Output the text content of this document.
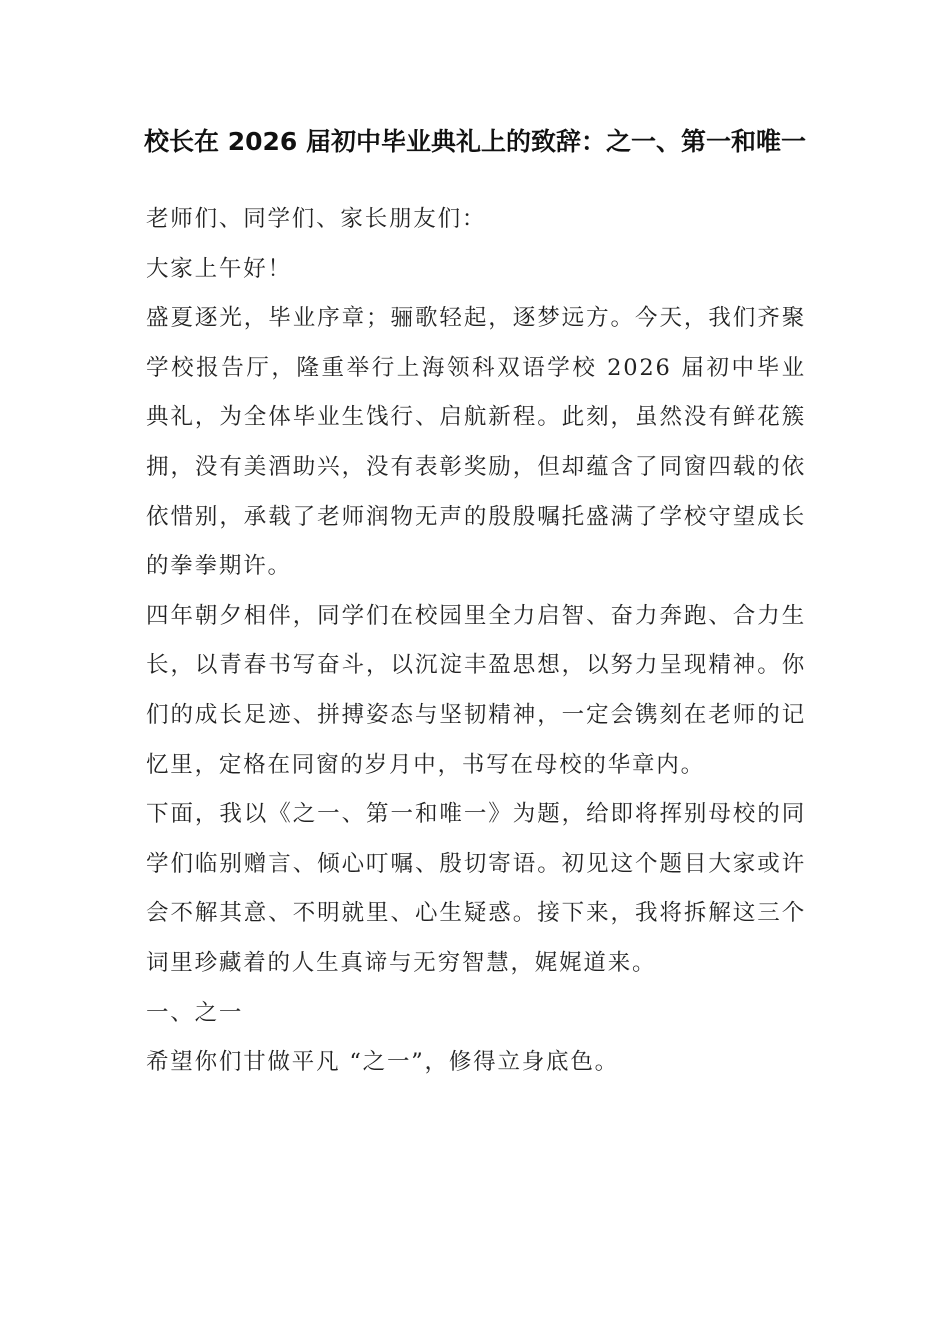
校长在 2026 届初中毕业典礼上的致辞：之一、第一和唯一

老师们、同学们、家长朋友们：

大家上午好！

盛夏逐光，毕业序章；骊歌轻起，逐梦远方。今天，我们齐聚学校报告厅，隆重举行上海领科双语学校 2026 届初中毕业典礼，为全体毕业生饯行、启航新程。此刻，虽然没有鲜花簇拥，没有美酒助兴，没有表彰奖励，但却蕴含了同窗四载的依依惜别，承载了老师润物无声的殷殷嘱托盛满了学校守望成长的拳拳期许。

四年朝夕相伴，同学们在校园里全力启智、奋力奔跑、合力生长，以青春书写奋斗，以沉淀丰盈思想，以努力呈现精神。你们的成长足迹、拼搏姿态与坚韧精神，一定会镌刻在老师的记忆里，定格在同窗的岁月中，书写在母校的华章内。

下面，我以《之一、第一和唯一》为题，给即将挥别母校的同学们临别赠言、倾心叮嘱、殷切寄语。初见这个题目大家或许会不解其意、不明就里、心生疑惑。接下来，我将拆解这三个词里珍藏着的人生真谛与无穷智慧，娓娓道来。

一、之一

希望你们甘做平凡 “之一”，修得立身底色。
